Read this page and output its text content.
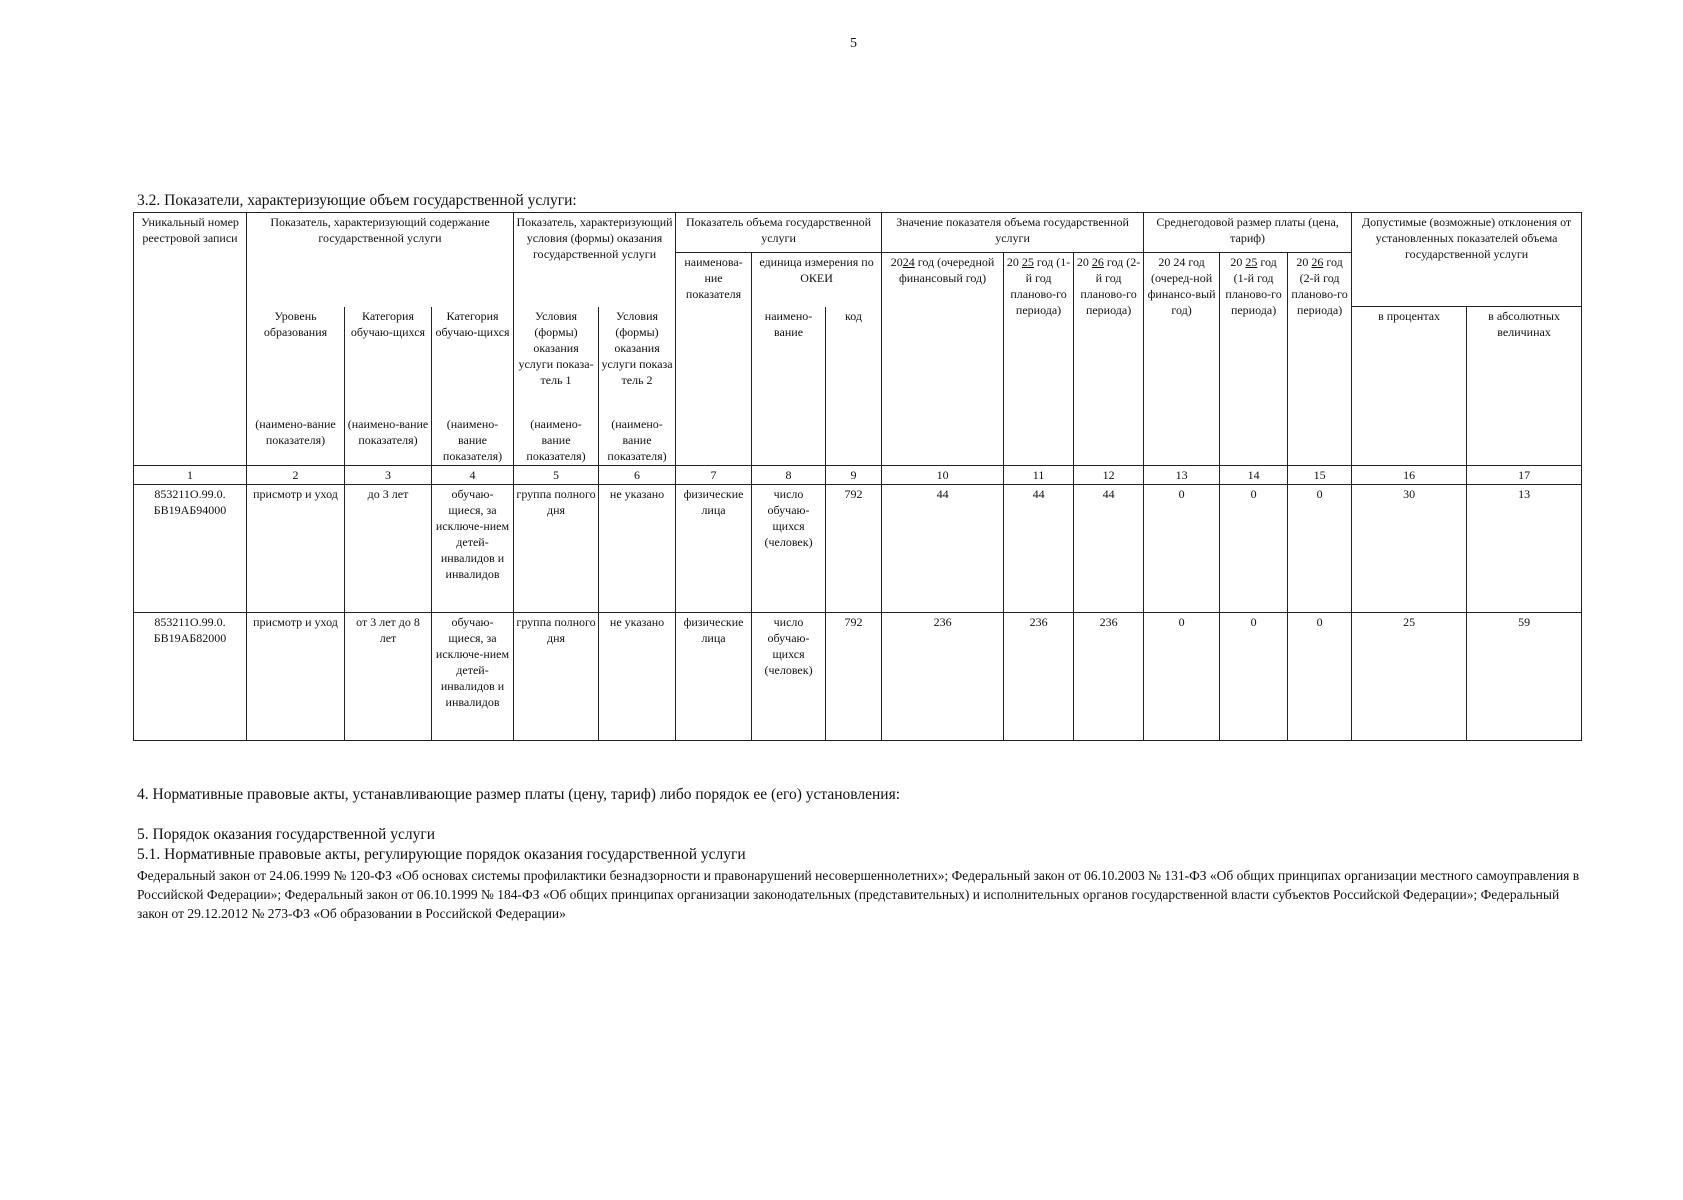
5
3.2. Показатели, характеризующие объем государственной услуги:
Уникальный номер реестровой записи	Показатель, характеризующий содержание государственной услуги			Показатель, характеризующий условия (формы) оказания государственной услуги		Показатель объема государственной услуги			Значение показателя объема государственной услуги			Среднегодовой размер платы (цена, тариф)			Допустимые (возможные) отклонения от установленных показателей объема государственной услуги	
						наименова-ние показателя	единица измерения по ОКЕИ		2024 год (очередной финансовый год)	20 25 год (1-й год планово-го периода)	20 26 год (2-й год планово-го периода)	20 24 год (очеред-ной финансо-вый год)	20 25 год (1-й год планово-го периода)	20 26 год (2-й год планово-го периода)		
	Уровень образования	Категория обучаю-щихся	Категория обучаю-щихся	Условия (формы) оказания услуги показа-тель 1	Условия (формы) оказания услуги показа тель 2		наимено-вание	код							в процентах	в абсолютных величинах
	(наимено-вание показателя)	(наимено-вание показателя)	(наимено-вание показателя)	(наимено-вание показателя)	(наимено-вание показателя)											
1	2	3	4	5	6	7	8	9	10	11	12	13	14	15	16	17
853211О.99.0. БВ19АБ94000	присмотр и уход	до 3 лет	обучаю-щиеся, за исключе-нием детей-инвалидов и инвалидов	группа полного дня	не указано	физические лица	число обучаю-щихся (человек)	792	44	44	44	0	0	0	30	13
853211О.99.0. БВ19АБ82000	присмотр и уход	от 3 лет до 8 лет	обучаю-щиеся, за исключе-нием детей-инвалидов и инвалидов	группа полного дня	не указано	физические лица	число обучаю-щихся (человек)	792	236	236	236	0	0	0	25	59
4. Нормативные правовые акты, устанавливающие размер платы (цену, тариф) либо порядок ее (его) установления:
5. Порядок оказания государственной услуги
5.1. Нормативные правовые акты, регулирующие порядок оказания государственной услуги
Федеральный закон от 24.06.1999 № 120-ФЗ «Об основах системы профилактики безнадзорности и правонарушений несовершеннолетних»; Федеральный закон от 06.10.2003 № 131-ФЗ «Об общих принципах организации местного самоуправления в Российской Федерации»; Федеральный закон от 06.10.1999 № 184-ФЗ «Об общих принципах организации законодательных (представительных) и исполнительных органов государственной власти субъектов Российской Федерации»; Федеральный закон от 29.12.2012 № 273-ФЗ «Об образовании в Российской Федерации»
